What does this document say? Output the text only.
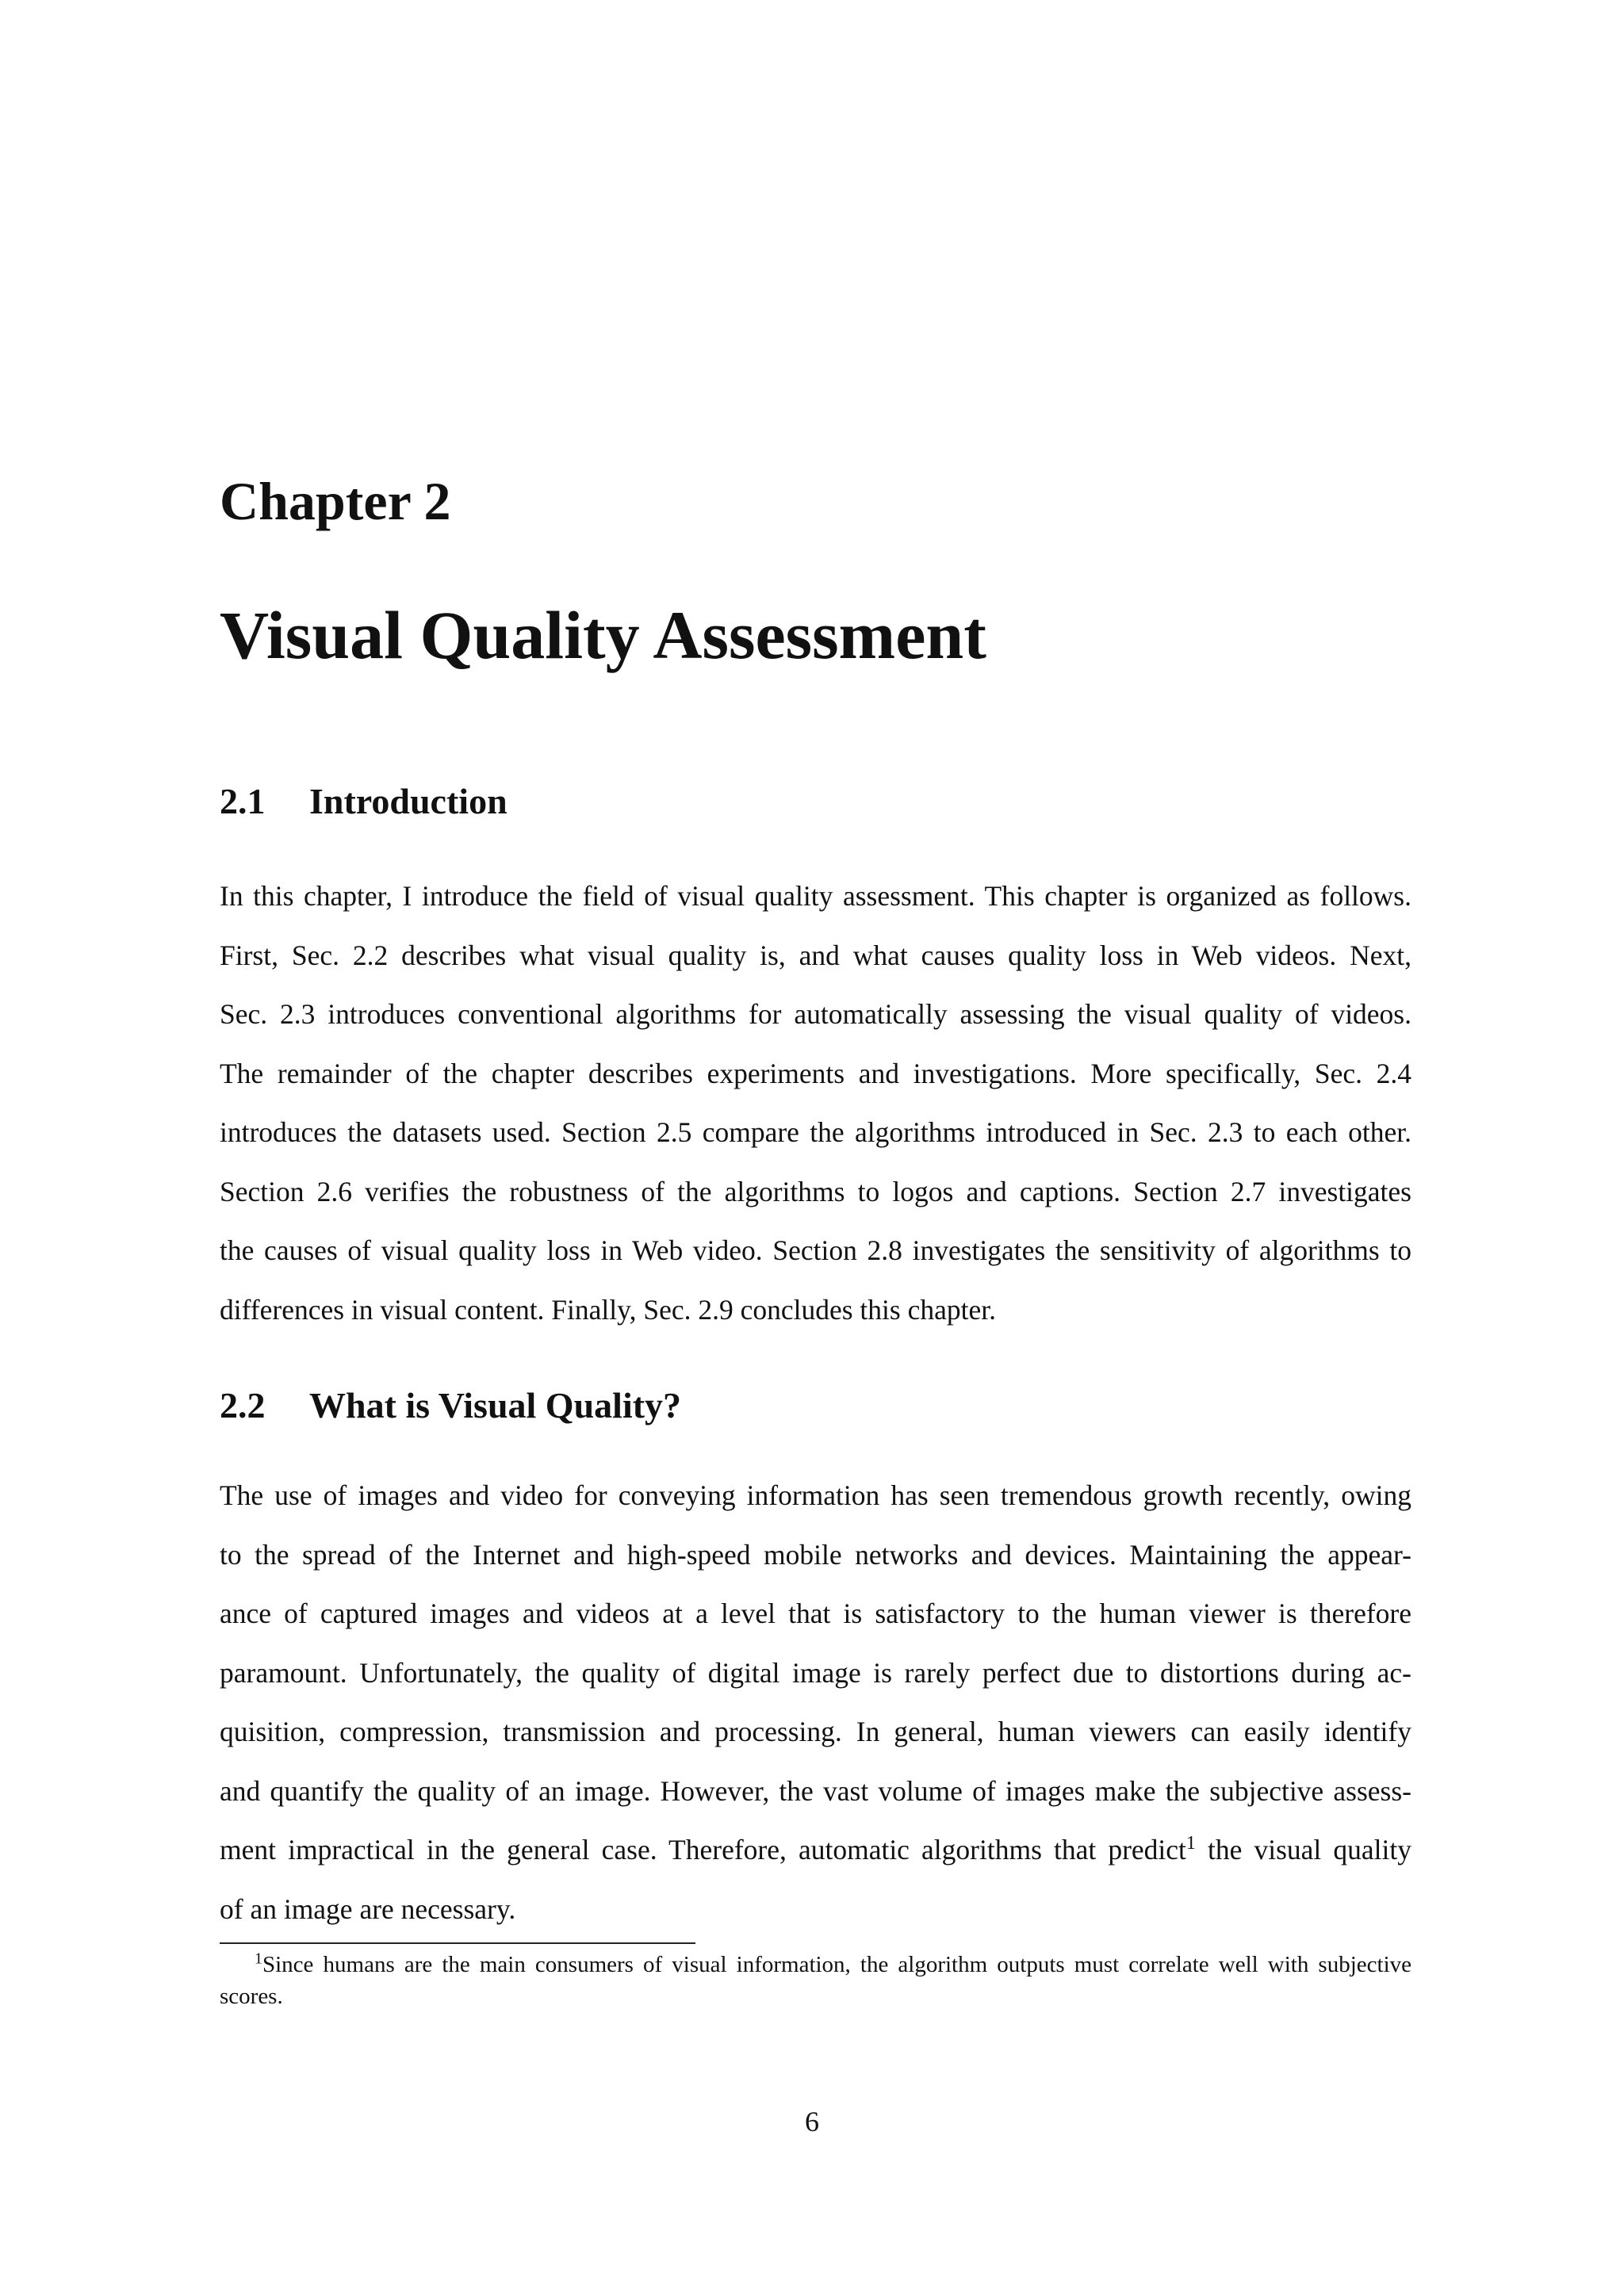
Chapter 2
Visual Quality Assessment
2.1 Introduction
In this chapter, I introduce the field of visual quality assessment. This chapter is organized as follows.
First, Sec. 2.2 describes what visual quality is, and what causes quality loss in Web videos. Next,
Sec. 2.3 introduces conventional algorithms for automatically assessing the visual quality of videos.
The remainder of the chapter describes experiments and investigations. More specifically, Sec. 2.4
introduces the datasets used. Section 2.5 compare the algorithms introduced in Sec. 2.3 to each other.
Section 2.6 verifies the robustness of the algorithms to logos and captions. Section 2.7 investigates
the causes of visual quality loss in Web video. Section 2.8 investigates the sensitivity of algorithms to
differences in visual content. Finally, Sec. 2.9 concludes this chapter.
2.2 What is Visual Quality?
The use of images and video for conveying information has seen tremendous growth recently, owing
to the spread of the Internet and high-speed mobile networks and devices. Maintaining the appear-
ance of captured images and videos at a level that is satisfactory to the human viewer is therefore
paramount. Unfortunately, the quality of digital image is rarely perfect due to distortions during ac-
quisition, compression, transmission and processing. In general, human viewers can easily identify
and quantify the quality of an image. However, the vast volume of images make the subjective assess-
ment impractical in the general case. Therefore, automatic algorithms that predict$^1$ the visual quality
of an image are necessary.
$^1$Since humans are the main consumers of visual information, the algorithm outputs must correlate well with subjective
scores.
6
